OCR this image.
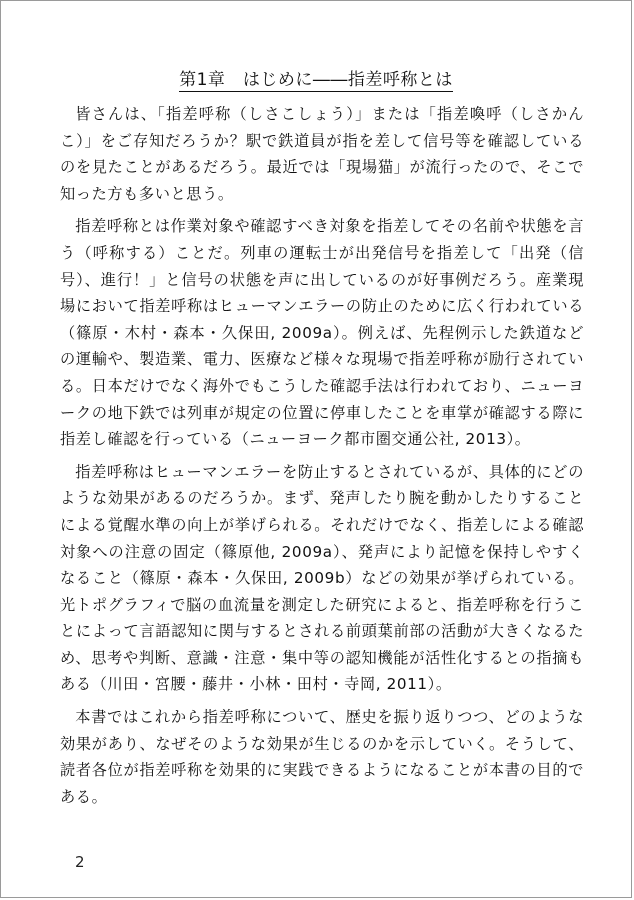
第1章　はじめに――指差呼称とは

皆さんは、「指差呼称（しさこしょう）」または「指差喚呼（しさかんこ）」をご存知だろうか？駅で鉄道員が指を差して信号等を確認しているのを見たことがあるだろう。最近では「現場猫」が流行ったので、そこで知った方も多いと思う。

指差呼称とは作業対象や確認すべき対象を指差してその名前や状態を言う（呼称する）ことだ。列車の運転士が出発信号を指差して「出発（信号）、進行！」と信号の状態を声に出しているのが好事例だろう。産業現場において指差呼称はヒューマンエラーの防止のために広く行われている（篠原・木村・森本・久保田, 2009a）。例えば、先程例示した鉄道などの運輸や、製造業、電力、医療など様々な現場で指差呼称が励行されている。日本だけでなく海外でもこうした確認手法は行われており、ニューヨークの地下鉄では列車が規定の位置に停車したことを車掌が確認する際に指差し確認を行っている（ニューヨーク都市圏交通公社, 2013）。

指差呼称はヒューマンエラーを防止するとされているが、具体的にどのような効果があるのだろうか。まず、発声したり腕を動かしたりすることによる覚醒水準の向上が挙げられる。それだけでなく、指差しによる確認対象への注意の固定（篠原他, 2009a）、発声により記憶を保持しやすくなること（篠原・森本・久保田, 2009b）などの効果が挙げられている。光トポグラフィで脳の血流量を測定した研究によると、指差呼称を行うことによって言語認知に関与するとされる前頭葉前部の活動が大きくなるため、思考や判断、意識・注意・集中等の認知機能が活性化するとの指摘もある（川田・宮腰・藤井・小林・田村・寺岡, 2011）。

本書ではこれから指差呼称について、歴史を振り返りつつ、どのような効果があり、なぜそのような効果が生じるのかを示していく。そうして、読者各位が指差呼称を効果的に実践できるようになることが本書の目的である。

2
